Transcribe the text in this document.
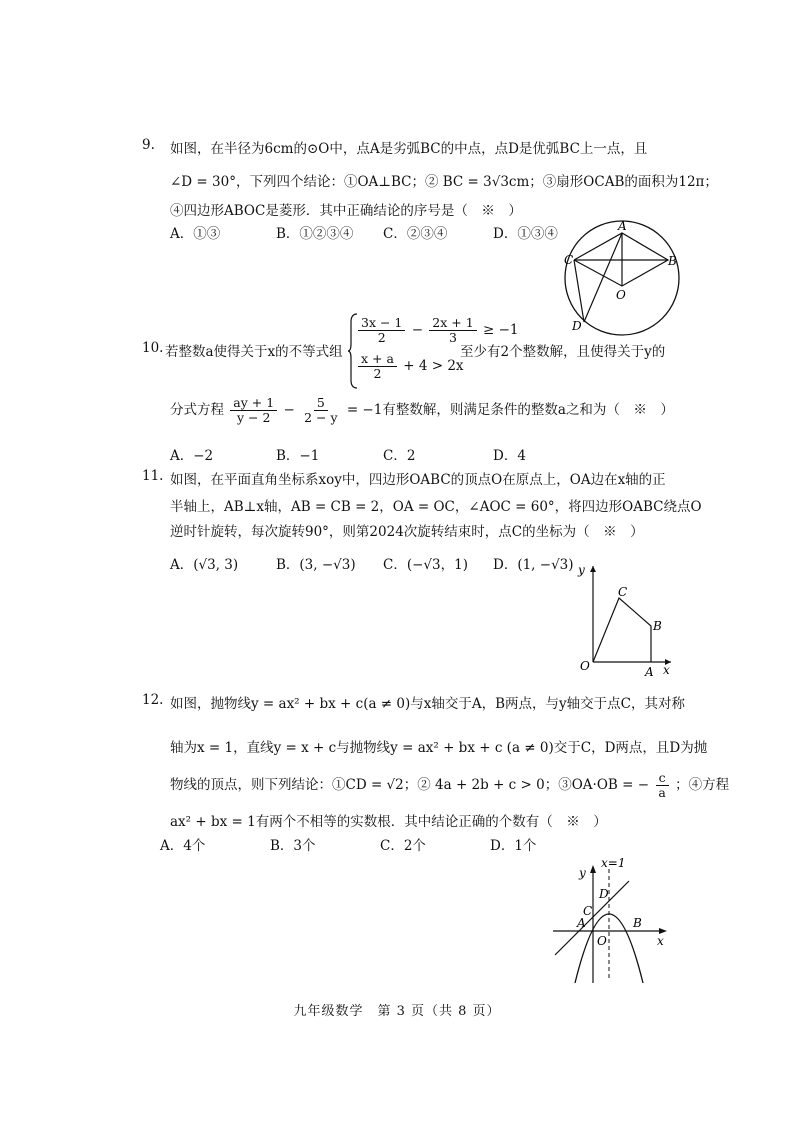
9. 如图，在半径为6cm的⊙O中，点A是劣弧BC的中点，点D是优弧BC上一点，且
∠D = 30°，下列四个结论：①OA⊥BC；② BC = 3√3cm；③扇形OCAB的面积为12π；
④四边形ABOC是菱形．其中正确结论的序号是（　※　）
A．①③	B．①②③④ C．②③④	D．①③④	A
B
C
O
D
10. 若整数a使得关于x的不等式组
$\frac{3x - 1}{2} - \frac{2x + 1}{3} \ge -1$
$\frac{x + a}{2} + 4 > 2x$
至少有2个整数解，且使得关于y的
分式方程 $\frac{ay + 1}{y - 2} - \frac{5}{2 - y} = -1$有整数解，则满足条件的整数a之和为（　※　）
A．−2	B．−1	C．2	D．4
11. 如图，在平面直角坐标系xoy中，四边形OABC的顶点O在原点上，OA边在x轴的正
半轴上，AB⊥x轴，AB = CB = 2，OA = OC，∠AOC = 60°，将四边形OABC绕点O
逆时针旋转，每次旋转90°，则第2024次旋转结束时，点C的坐标为（　※　）
A．(√3, 3)	B．(3, −√3) C．(−√3，1) D．(1, −√3) y
x
O	A
B
C
12. 如图，抛物线y = ax² + bx + c(a ≠ 0)与x轴交于A，B两点，与y轴交于点C，其对称
轴为x = 1，直线y = x + c与抛物线y = ax² + bx + c (a ≠ 0)交于C，D两点，且D为抛
物线的顶点，则下列结论：①CD = √2；② 4a + 2b + c > 0；③OA·OB = − $\frac{c}{a}$ ；④方程
ax² + bx = 1有两个不相等的实数根．其中结论正确的个数有（　※　）
A．4个	B．3个	C．2个	D．1个
x=1
y
x
O
A	B
C
D
九年级数学　第 3 页（共 8 页）
